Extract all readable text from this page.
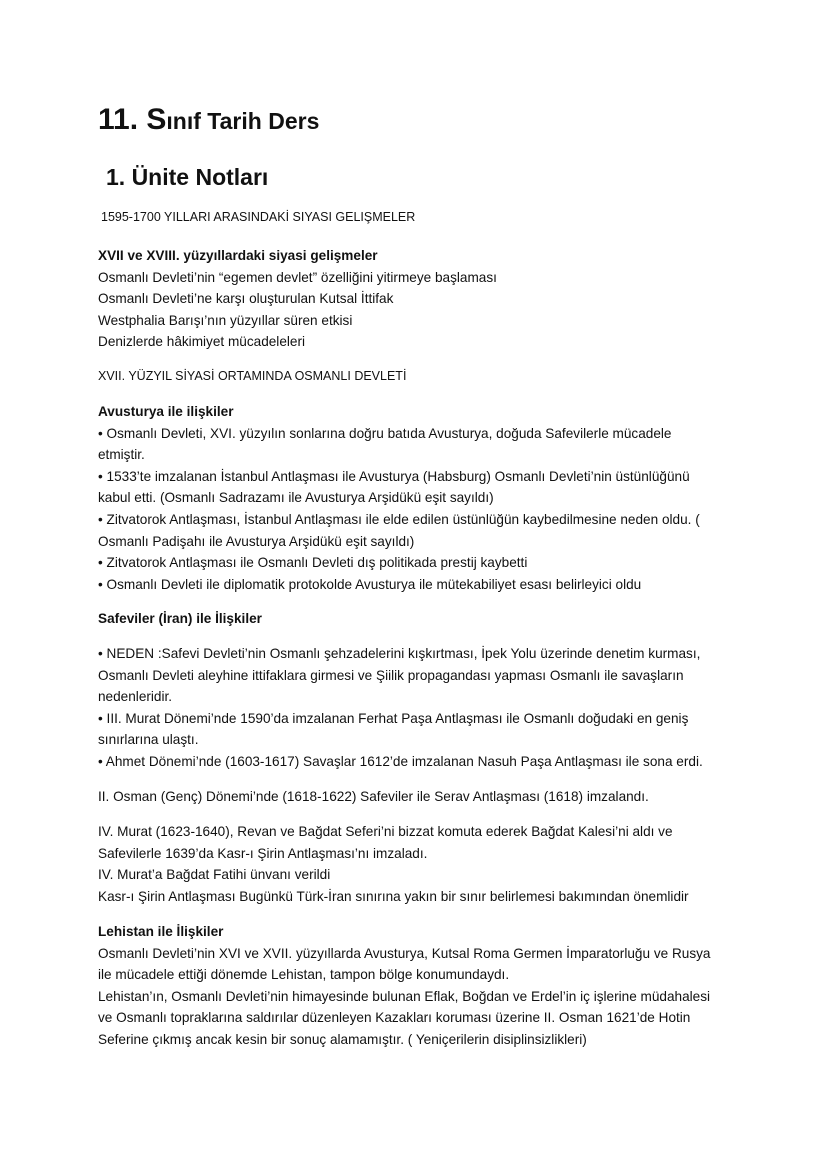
11. Sınıf Tarih Ders
1. Ünite Notları
1595-1700 YILLARI ARASINDAKİ SIYASI GELIŞMELER
XVII ve XVIII. yüzyıllardaki siyasi gelişmeler
Osmanlı Devleti’nin “egemen devlet” özelliğini yitirmeye başlaması
Osmanlı Devleti’ne karşı oluşturulan Kutsal İttifak
Westphalia Barışı’nın yüzyıllar süren etkisi
Denizlerde hâkimiyet mücadeleleri
XVII. YÜZYIL SİYASİ ORTAMINDA OSMANLI DEVLETİ
Avusturya ile ilişkiler
• Osmanlı Devleti, XVI. yüzyılın sonlarına doğru batıda Avusturya, doğuda Safevilerle mücadele
etmiştir.
• 1533’te imzalanan İstanbul Antlaşması ile Avusturya (Habsburg) Osmanlı Devleti’nin üstünlüğünü
kabul etti. (Osmanlı Sadrazamı ile Avusturya Arşidükü eşit sayıldı)
• Zitvatorok Antlaşması, İstanbul Antlaşması ile elde edilen üstünlüğün kaybedilmesine neden oldu. (
Osmanlı Padişahı ile Avusturya Arşidükü eşit sayıldı)
• Zitvatorok Antlaşması ile Osmanlı Devleti dış politikada prestij kaybetti
• Osmanlı Devleti ile diplomatik protokolde Avusturya ile mütekabiliyet esası belirleyici oldu
Safeviler (İran) ile İlişkiler
• NEDEN :Safevi Devleti’nin Osmanlı şehzadelerini kışkırtması, İpek Yolu üzerinde denetim kurması,
Osmanlı Devleti aleyhine ittifaklara girmesi ve Şiilik propagandası yapması Osmanlı ile savaşların
nedenleridir.
• III. Murat Dönemi’nde 1590’da imzalanan Ferhat Paşa Antlaşması ile Osmanlı doğudaki en geniş
sınırlarına ulaştı.
• Ahmet Dönemi’nde (1603-1617) Savaşlar 1612’de imzalanan Nasuh Paşa Antlaşması ile sona erdi.
II. Osman (Genç) Dönemi’nde (1618-1622) Safeviler ile Serav Antlaşması (1618) imzalandı.
IV. Murat (1623-1640), Revan ve Bağdat Seferi’ni bizzat komuta ederek Bağdat Kalesi’ni aldı ve
Safevilerle 1639’da Kasr-ı Şirin Antlaşması’nı imzaladı.
IV. Murat’a Bağdat Fatihi ünvanı verildi
Kasr-ı Şirin Antlaşması Bugünkü Türk-İran sınırına yakın bir sınır belirlemesi bakımından önemlidir
Lehistan ile İlişkiler
Osmanlı Devleti’nin XVI ve XVII. yüzyıllarda Avusturya, Kutsal Roma Germen İmparatorluğu ve Rusya
ile mücadele ettiği dönemde Lehistan, tampon bölge konumundaydı.
Lehistan’ın, Osmanlı Devleti’nin himayesinde bulunan Eflak, Boğdan ve Erdel’in iç işlerine müdahalesi
ve Osmanlı topraklarına saldırılar düzenleyen Kazakları koruması üzerine II. Osman 1621’de Hotin
Seferine çıkmış ancak kesin bir sonuç alamamıştır. ( Yeniçerilerin disiplinsizlikleri)
